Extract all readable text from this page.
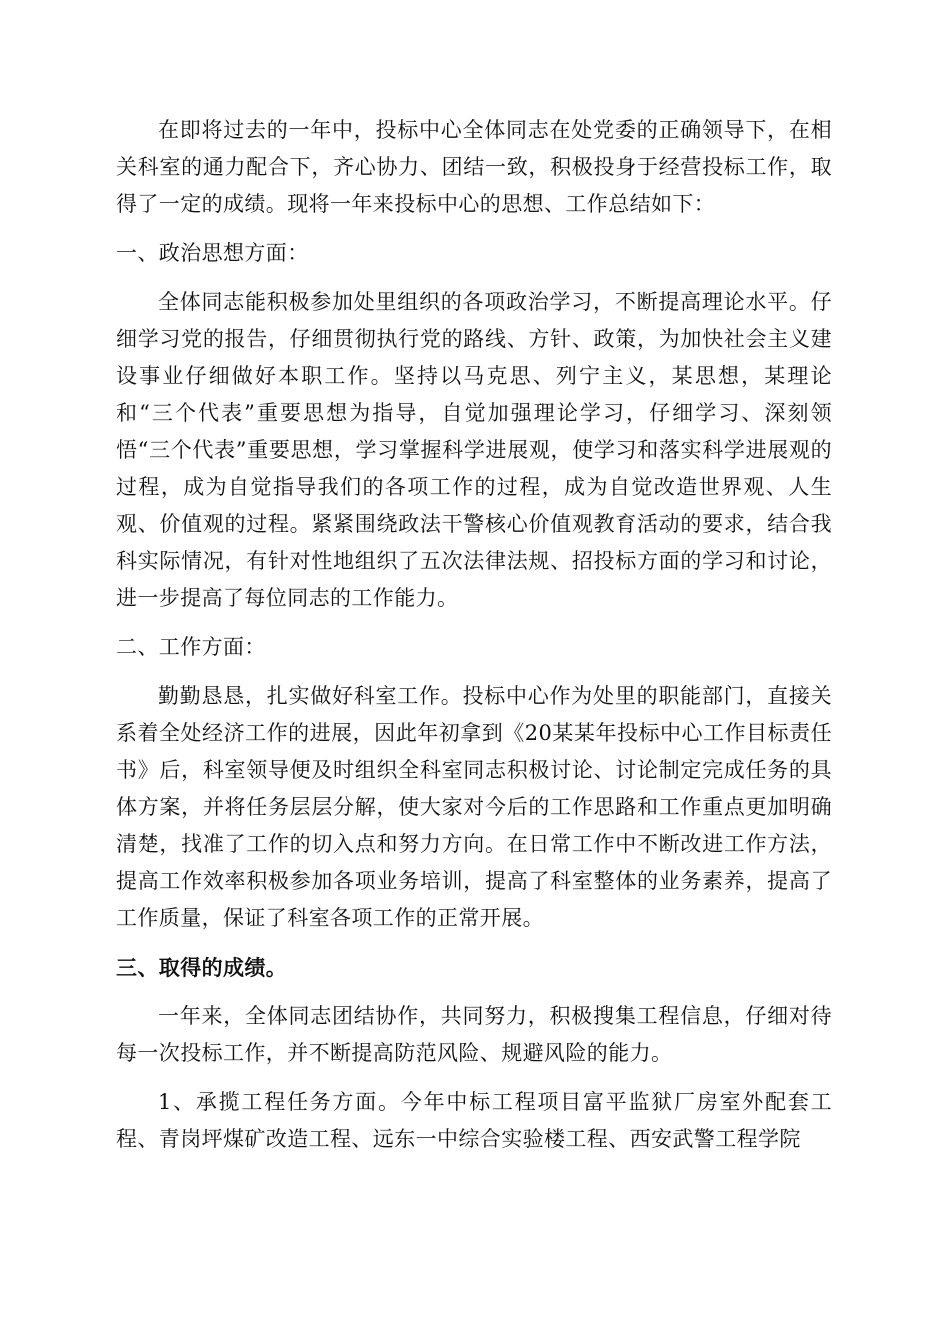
在即将过去的一年中，投标中心全体同志在处党委的正确领导下，在相关科室的通力配合下，齐心协力、团结一致，积极投身于经营投标工作，取得了一定的成绩。现将一年来投标中心的思想、工作总结如下：

一、政治思想方面：

全体同志能积极参加处里组织的各项政治学习，不断提高理论水平。仔细学习党的报告，仔细贯彻执行党的路线、方针、政策，为加快社会主义建设事业仔细做好本职工作。坚持以马克思、列宁主义，某思想，某理论和“三个代表”重要思想为指导，自觉加强理论学习，仔细学习、深刻领悟“三个代表”重要思想，学习掌握科学进展观，使学习和落实科学进展观的过程，成为自觉指导我们的各项工作的过程，成为自觉改造世界观、人生观、价值观的过程。紧紧围绕政法干警核心价值观教育活动的要求，结合我科实际情况，有针对性地组织了五次法律法规、招投标方面的学习和讨论，进一步提高了每位同志的工作能力。

二、工作方面：

勤勤恳恳，扎实做好科室工作。投标中心作为处里的职能部门，直接关系着全处经济工作的进展，因此年初拿到《20某某年投标中心工作目标责任书》后，科室领导便及时组织全科室同志积极讨论、讨论制定完成任务的具体方案，并将任务层层分解，使大家对今后的工作思路和工作重点更加明确清楚，找准了工作的切入点和努力方向。在日常工作中不断改进工作方法，提高工作效率积极参加各项业务培训，提高了科室整体的业务素养，提高了工作质量，保证了科室各项工作的正常开展。

三、取得的成绩。

一年来，全体同志团结协作，共同努力，积极搜集工程信息，仔细对待每一次投标工作，并不断提高防范风险、规避风险的能力。

1、承揽工程任务方面。今年中标工程项目富平监狱厂房室外配套工程、青岗坪煤矿改造工程、远东一中综合实验楼工程、西安武警工程学院
